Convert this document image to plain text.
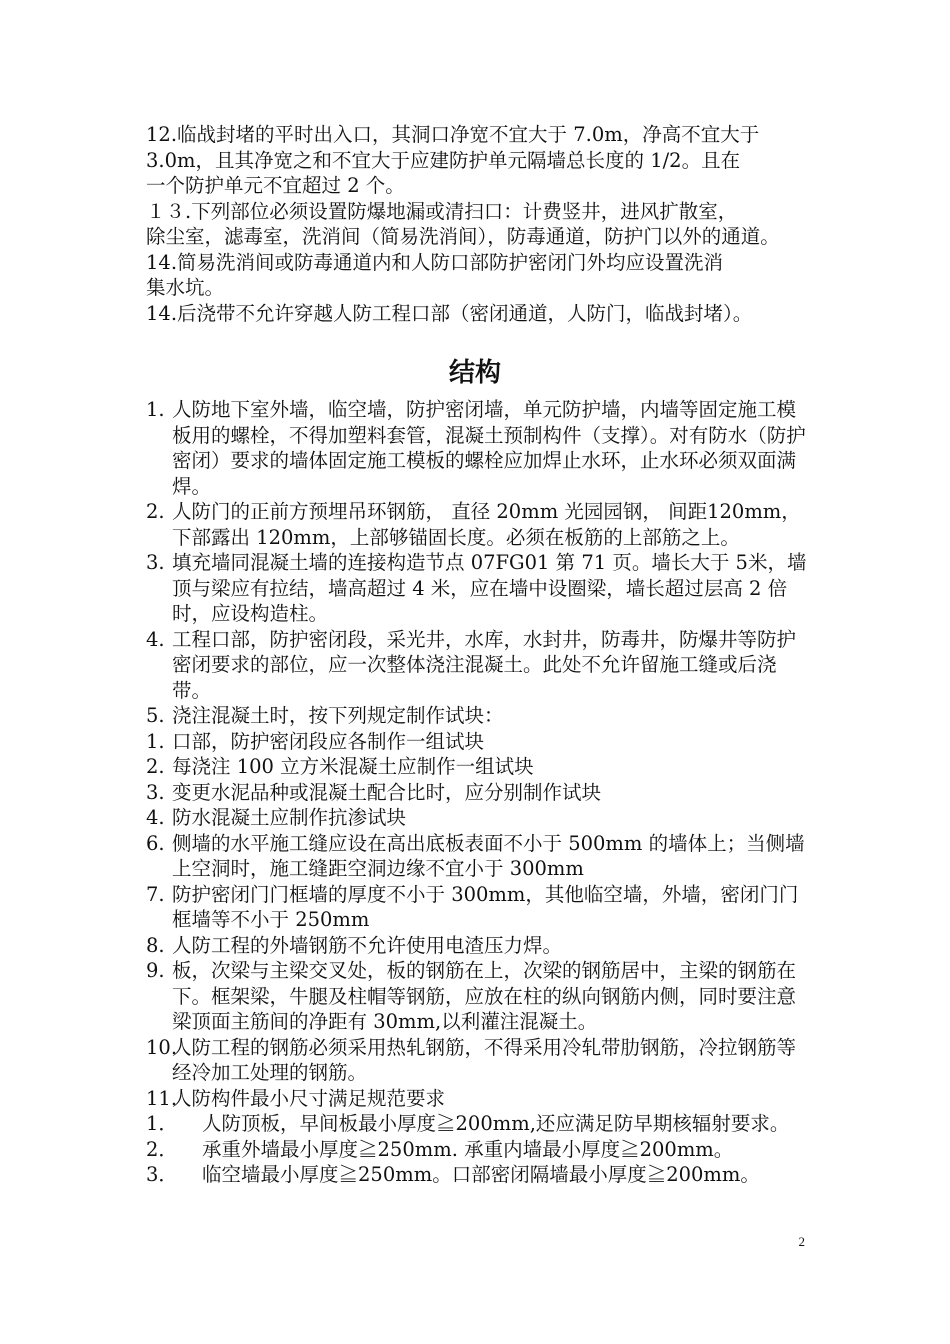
12.临战封堵的平时出入口，其洞口净宽不宜大于 7.0m，净高不宜大于
3.0m，且其净宽之和不宜大于应建防护单元隔墙总长度的 1/2。且在
一个防护单元不宜超过 2 个。
１３.下列部位必须设置防爆地漏或清扫口：计费竖井，进风扩散室，
除尘室，滤毒室，洗消间（简易洗消间），防毒通道，防护门以外的通道。
14.简易洗消间或防毒通道内和人防口部防护密闭门外均应设置洗消
集水坑。
14.后浇带不允许穿越人防工程口部（密闭通道，人防门，临战封堵）。
结构
1. 人防地下室外墙，临空墙，防护密闭墙，单元防护墙，内墙等固定施工模板用的螺栓，不得加塑料套管，混凝土预制构件（支撑）。对有防水（防护密闭）要求的墙体固定施工模板的螺栓应加焊止水环，止水环必须双面满焊。
2. 人防门的正前方预埋吊环钢筋， 直径 20mm 光园园钢， 间距120mm，下部露出 120mm，上部够锚固长度。必须在板筋的上部筋之上。
3. 填充墙同混凝土墙的连接构造节点 07FG01 第 71 页。墙长大于 5米，墙顶与梁应有拉结，墙高超过 4 米，应在墙中设圈梁，墙长超过层高 2 倍时，应设构造柱。
4. 工程口部，防护密闭段，采光井，水库，水封井，防毒井，防爆井等防护密闭要求的部位，应一次整体浇注混凝土。此处不允许留施工缝或后浇带。
5. 浇注混凝土时，按下列规定制作试块：
1. 口部，防护密闭段应各制作一组试块
2. 每浇注 100 立方米混凝土应制作一组试块
3. 变更水泥品种或混凝土配合比时，应分别制作试块
4. 防水混凝土应制作抗渗试块
6. 侧墙的水平施工缝应设在高出底板表面不小于 500mm 的墙体上；当侧墙上空洞时，施工缝距空洞边缘不宜小于 300mm
7. 防护密闭门门框墙的厚度不小于 300mm，其他临空墙，外墙，密闭门门框墙等不小于 250mm
8. 人防工程的外墙钢筋不允许使用电渣压力焊。
9. 板，次梁与主梁交叉处，板的钢筋在上，次梁的钢筋居中，主梁的钢筋在下。框架梁，牛腿及柱帽等钢筋，应放在柱的纵向钢筋内侧，同时要注意梁顶面主筋间的净距有 30mm,以利灌注混凝土。
10.
人防工程的钢筋必须采用热轧钢筋，不得采用冷轧带肋钢筋，冷拉钢筋等经冷加工处理的钢筋。
11.
人防构件最小尺寸满足规范要求
1． 人防顶板，早间板最小厚度≧200mm,还应满足防早期核辐射要求。
2． 承重外墙最小厚度≧250mm. 承重内墙最小厚度≧200mm。
3． 临空墙最小厚度≧250mm。口部密闭隔墙最小厚度≧200mm。
2
